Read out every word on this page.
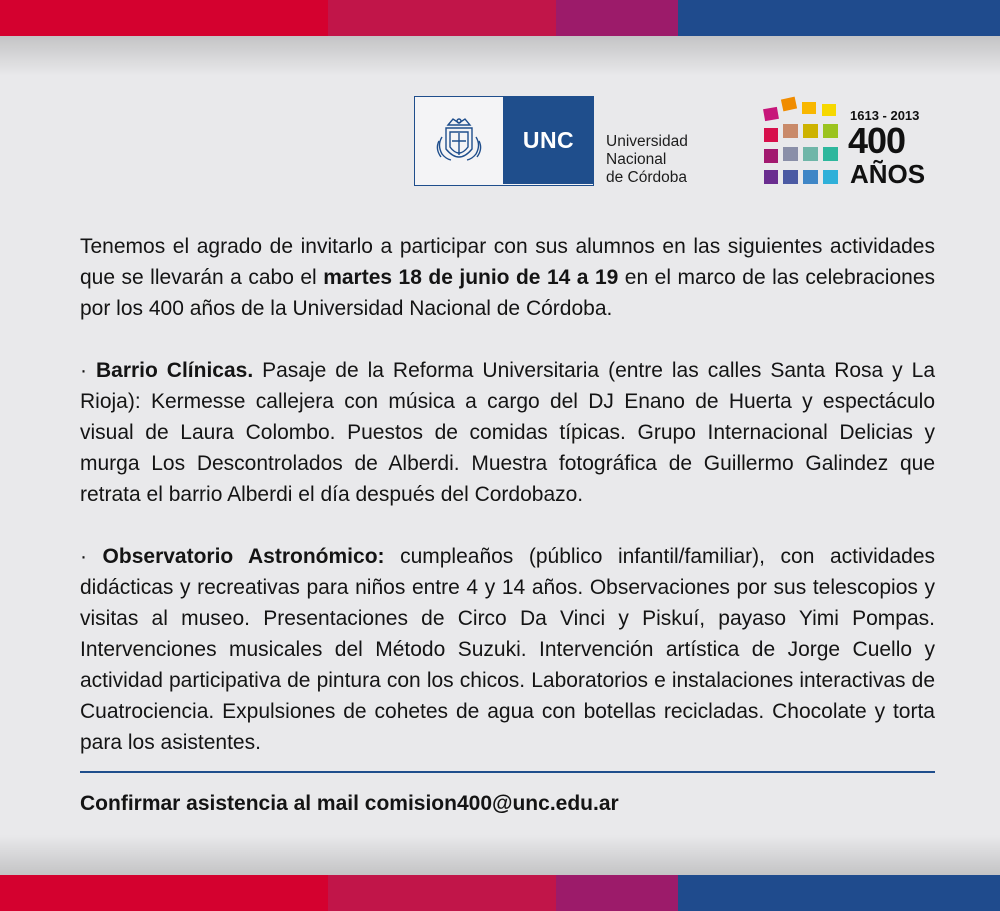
UNC Universidad
Nacional
de Córdoba
1613 - 2013
400
AÑOS

Tenemos el agrado de invitarlo a participar con sus alumnos en las siguientes actividades que se llevarán a cabo el martes 18 de junio de 14 a 19 en el marco de las celebraciones por los 400 años de la Universidad Nacional de Córdoba.

· Barrio Clínicas. Pasaje de la Reforma Universitaria (entre las calles Santa Rosa y La Rioja): Kermesse callejera con música a cargo del DJ Enano de Huerta y espectáculo visual de Laura Colombo. Puestos de comidas típicas. Grupo Internacional Delicias y murga Los Descontrolados de Alberdi. Muestra fotográfica de Guillermo Galindez que retrata el barrio Alberdi el día después del Cordobazo.

· Observatorio Astronómico: cumpleaños (público infantil/familiar), con actividades didácticas y recreativas para niños entre 4 y 14 años. Observaciones por sus telescopios y visitas al museo. Presentaciones de Circo Da Vinci y Piskuí, payaso Yimi Pompas. Intervenciones musicales del Método Suzuki. Intervención artística de Jorge Cuello y actividad participativa de pintura con los chicos. Laboratorios e instalaciones interactivas de Cuatrociencia. Expulsiones de cohetes de agua con botellas recicladas. Chocolate y torta para los asistentes.

Confirmar asistencia al mail comision400@unc.edu.ar
